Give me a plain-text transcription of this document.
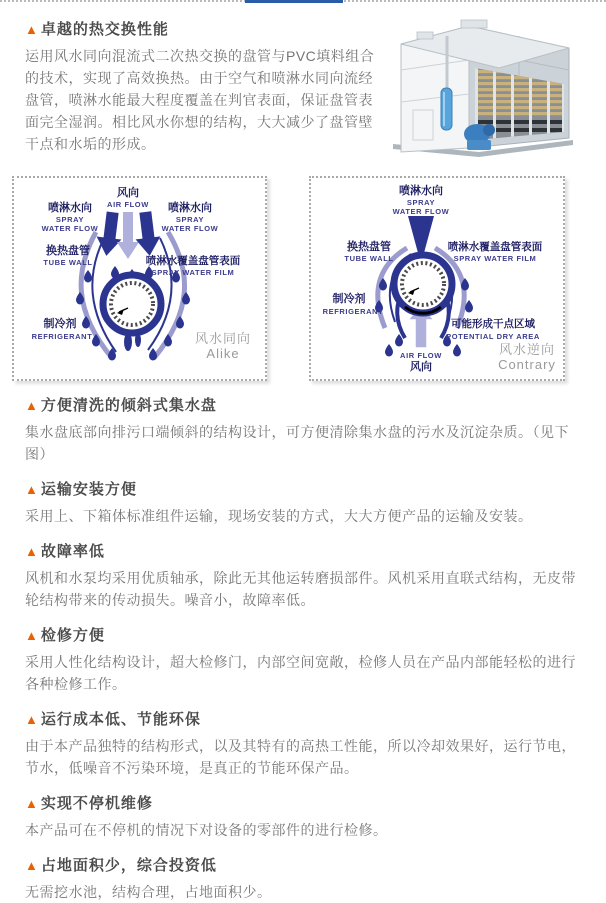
▲ 卓越的热交换性能

运用风水同向混流式二次热交换的盘管与PVC填料组合的技术，实现了高效换热。由于空气和喷淋水同向流经盘管，喷淋水能最大程度覆盖在判官表面，保证盘管表面完全湿润。相比风水你想的结构，大大减少了盘管壁干点和水垢的形成。

风向
AIR FLOW
喷淋水向
SPRAY
WATER FLOW
喷淋水向
SPRAY
WATER FLOW
换热盘管
TUBE WALL	喷淋水覆盖盘管表面
SPRAY WATER FILM
制冷剂
REFRIGERANT	风水同向
Alike
喷淋水向
SPRAY
WATER FLOW
换热盘管
TUBE WALL
喷淋水覆盖盘管表面
SPRAY WATER FILM
制冷剂
REFRIGERANT
可能形成干点区域
POTENTIAL DRY AREA
AIR FLOW
风向
风水逆向
Contrary
▲ 方便清洗的倾斜式集水盘

集水盘底部向排污口端倾斜的结构设计，可方便清除集水盘的污水及沉淀杂质。（见下图）

▲ 运输安装方便

采用上、下箱体标准组件运输，现场安装的方式，大大方便产品的运输及安装。

▲ 故障率低

风机和水泵均采用优质轴承，除此无其他运转磨损部件。风机采用直联式结构，无皮带轮结构带来的传动损失。噪音小，故障率低。

▲ 检修方便

采用人性化结构设计，超大检修门，内部空间宽敞，检修人员在产品内部能轻松的进行各种检修工作。

▲ 运行成本低、节能环保

由于本产品独特的结构形式，以及其特有的高热工性能，所以冷却效果好，运行节电，节水，低噪音不污染环境，是真正的节能环保产品。

▲ 实现不停机维修

本产品可在不停机的情况下对设备的零部件的进行检修。

▲ 占地面积少，综合投资低

无需挖水池，结构合理，占地面积少。
